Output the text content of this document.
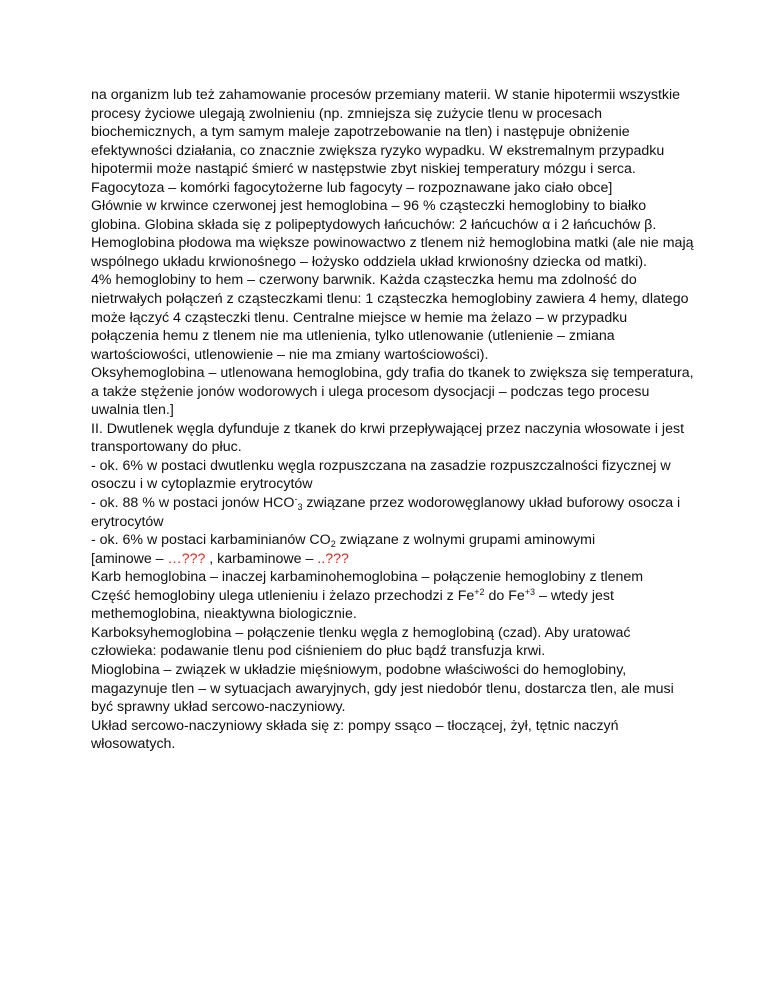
na organizm lub też zahamowanie procesów przemiany materii. W stanie hipotermii wszystkie
procesy życiowe ulegają zwolnieniu (np. zmniejsza się zużycie tlenu w procesach
biochemicznych, a tym samym maleje zapotrzebowanie na tlen) i następuje obniżenie
efektywności działania, co znacznie zwiększa ryzyko wypadku. W ekstremalnym przypadku
hipotermii może nastąpić śmierć w następstwie zbyt niskiej temperatury mózgu i serca.
Fagocytoza – komórki fagocytożerne lub fagocyty – rozpoznawane jako ciało obce]
Głównie w krwince czerwonej jest hemoglobina – 96 % cząsteczki hemoglobiny to białko
globina. Globina składa się z polipeptydowych łańcuchów: 2 łańcuchów α i 2 łańcuchów β.
Hemoglobina płodowa ma większe powinowactwo z tlenem niż hemoglobina matki (ale nie mają
wspólnego układu krwionośnego – łożysko oddziela układ krwionośny dziecka od matki).
4% hemoglobiny to hem – czerwony barwnik. Każda cząsteczka hemu ma zdolność do
nietrwałych połączeń z cząsteczkami tlenu: 1 cząsteczka hemoglobiny zawiera 4 hemy, dlatego
może łączyć 4 cząsteczki tlenu. Centralne miejsce w hemie ma żelazo – w przypadku
połączenia hemu z tlenem nie ma utlenienia, tylko utlenowanie (utlenienie – zmiana
wartościowości, utlenowienie – nie ma zmiany wartościowości).
Oksyhemoglobina – utlenowana hemoglobina, gdy trafia do tkanek to zwiększa się temperatura,
a także stężenie jonów wodorowych i ulega procesom dysocjacji – podczas tego procesu
uwalnia tlen.]
II. Dwutlenek węgla dyfunduje z tkanek do krwi przepływającej przez naczynia włosowate i jest
transportowany do płuc.
- ok. 6% w postaci dwutlenku węgla rozpuszczana na zasadzie rozpuszczalności fizycznej w
osoczu i w cytoplazmie erytrocytów
- ok. 88 % w postaci jonów $HCO^-_3$ związane przez wodorowęglanowy układ buforowy osocza i
erytrocytów
- ok. 6% w postaci karbaminianów $CO_2$ związane z wolnymi grupami aminowymi
[aminowe – …??? , karbaminowe – ..???
Karb hemoglobina – inaczej karbaminohemoglobina – połączenie hemoglobiny z tlenem
Część hemoglobiny ulega utlenieniu i żelazo przechodzi z $Fe^{+2}$ do $Fe^{+3}$ – wtedy jest
methemoglobina, nieaktywna biologicznie.
Karboksyhemoglobina – połączenie tlenku węgla z hemoglobiną (czad). Aby uratować
człowieka: podawanie tlenu pod ciśnieniem do płuc bądź transfuzja krwi.
Mioglobina – związek w układzie mięśniowym, podobne właściwości do hemoglobiny,
magazynuje tlen – w sytuacjach awaryjnych, gdy jest niedobór tlenu, dostarcza tlen, ale musi
być sprawny układ sercowo-naczyniowy.
Układ sercowo-naczyniowy składa się z: pompy ssąco – tłoczącej, żył, tętnic naczyń
włosowatych.
